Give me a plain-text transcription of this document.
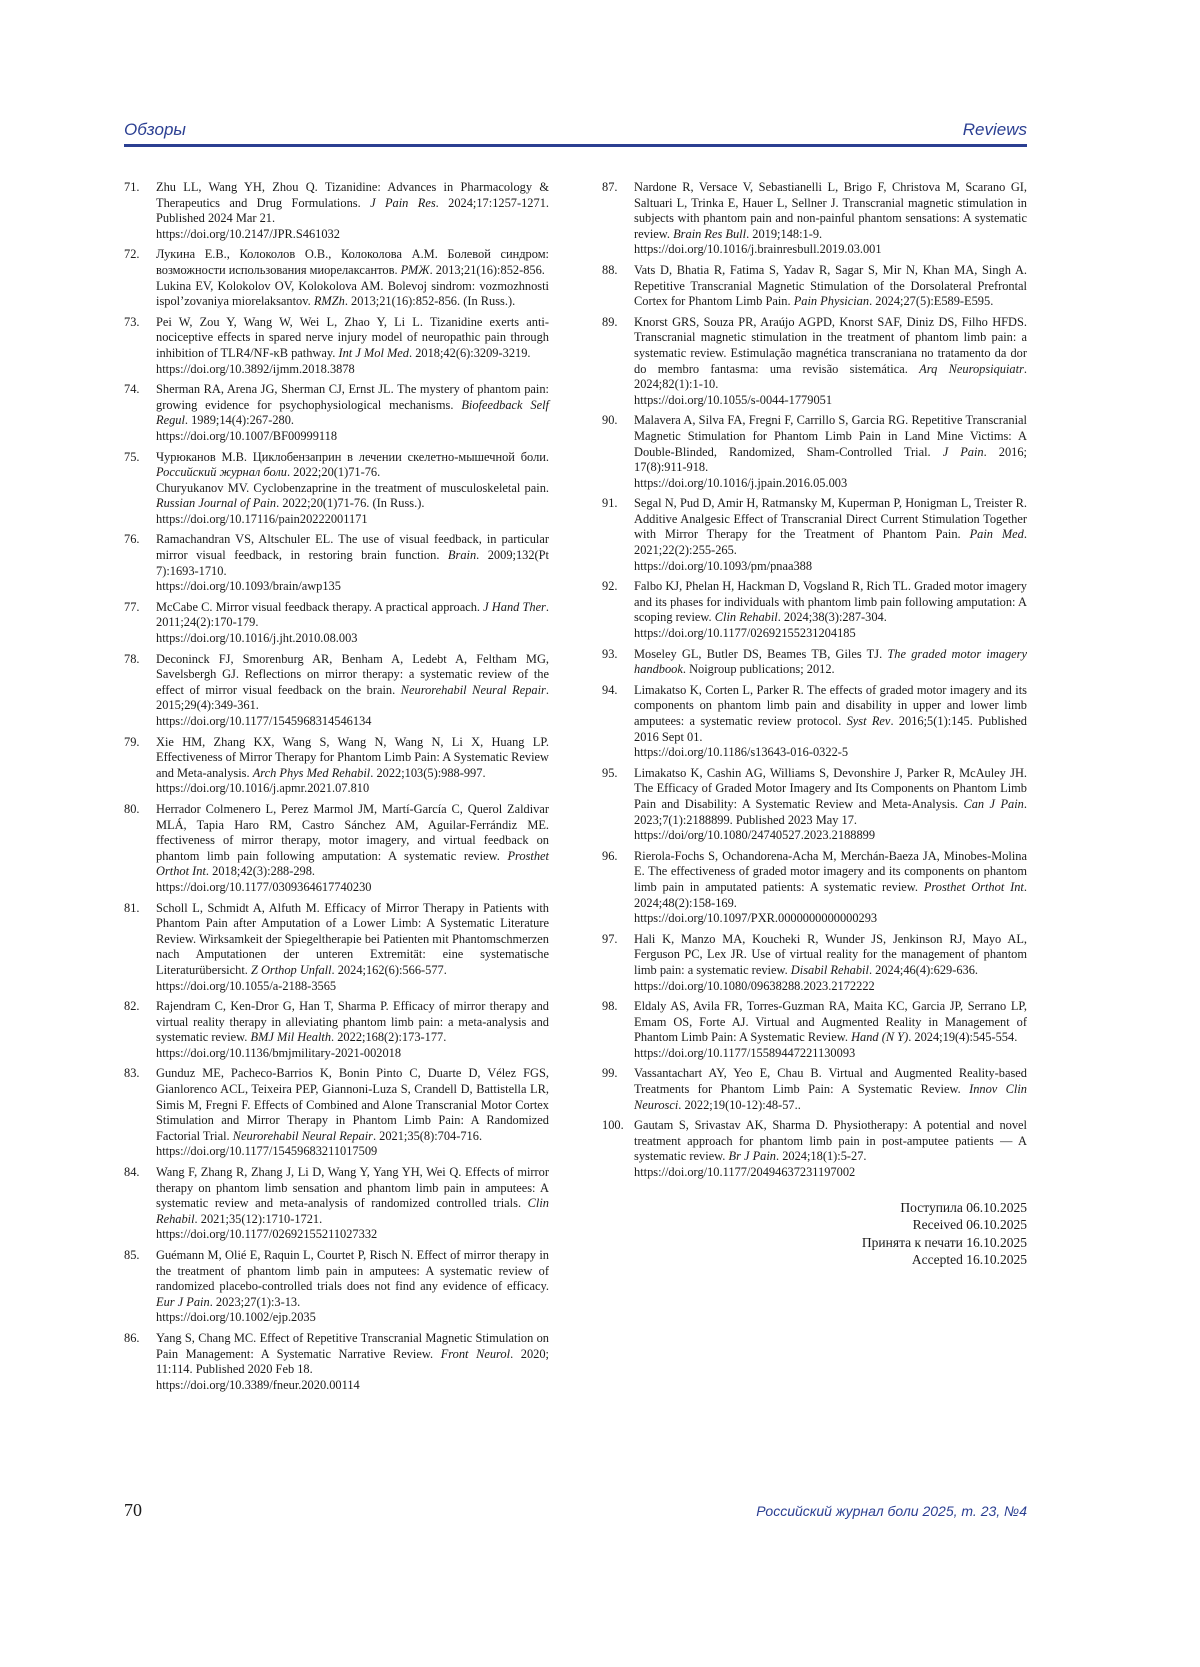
Обзоры	Reviews
71.	Zhu LL, Wang YH, Zhou Q. Tizanidine: Advances in Pharmacology & Therapeutics and Drug Formulations. J Pain Res. 2024;17:1257-1271. Published 2024 Mar 21.
https://doi.org/10.2147/JPR.S461032
72.	Лукина Е.В., Колоколов О.В., Колоколова А.М. Болевой синдром: возможности использования миорелаксантов. РМЖ. 2013;21(16):852-856.
Lukina EV, Kolokolov OV, Kolokolova AM. Bolevoj sindrom: vozmozhnosti ispol’zovaniya miorelaksantov. RMZh. 2013;21(16):852-856. (In Russ.).
73.	Pei W, Zou Y, Wang W, Wei L, Zhao Y, Li L. Tizanidine exerts anti-nociceptive effects in spared nerve injury model of neuropathic pain through inhibition of TLR4/NF-κB pathway. Int J Mol Med. 2018;42(6):3209-3219.
https://doi.org/10.3892/ijmm.2018.3878
74.	Sherman RA, Arena JG, Sherman CJ, Ernst JL. The mystery of phantom pain: growing evidence for psychophysiological mechanisms. Biofeedback Self Regul. 1989;14(4):267-280.
https://doi.org/10.1007/BF00999118
75.	Чурюканов М.В. Циклобензаприн в лечении скелетно-мышечной боли. Российский журнал боли. 2022;20(1)71-76.
Churyukanov MV. Cyclobenzaprine in the treatment of musculoskeletal pain. Russian Journal of Pain. 2022;20(1)71-76. (In Russ.).
https://doi.org/10.17116/pain20222001171
76.	Ramachandran VS, Altschuler EL. The use of visual feedback, in particular mirror visual feedback, in restoring brain function. Brain. 2009;132(Pt 7):1693-1710.
https://doi.org/10.1093/brain/awp135
77.	McCabe C. Mirror visual feedback therapy. A practical approach. J Hand Ther. 2011;24(2):170-179.
https://doi.org/10.1016/j.jht.2010.08.003
78.	Deconinck FJ, Smorenburg AR, Benham A, Ledebt A, Feltham MG, Savelsbergh GJ. Reflections on mirror therapy: a systematic review of the effect of mirror visual feedback on the brain. Neurorehabil Neural Repair. 2015;29(4):349-361.
https://doi.org/10.1177/1545968314546134
79.	Xie HM, Zhang KX, Wang S, Wang N, Wang N, Li X, Huang LP. Effectiveness of Mirror Therapy for Phantom Limb Pain: A Systematic Review and Meta-analysis. Arch Phys Med Rehabil. 2022;103(5):988-997.
https://doi.org/10.1016/j.apmr.2021.07.810
80.	Herrador Colmenero L, Perez Marmol JM, Martí-García C, Querol Zaldivar MLÁ, Tapia Haro RM, Castro Sánchez AM, Aguilar-Ferrándiz ME. ffectiveness of mirror therapy, motor imagery, and virtual feedback on phantom limb pain following amputation: A systematic review. Prosthet Orthot Int. 2018;42(3):288-298.
https://doi.org/10.1177/0309364617740230
81.	Scholl L, Schmidt A, Alfuth M. Efficacy of Mirror Therapy in Patients with Phantom Pain after Amputation of a Lower Limb: A Systematic Literature Review. Wirksamkeit der Spiegeltherapie bei Patienten mit Phantomschmerzen nach Amputationen der unteren Extremität: eine systematische Literaturübersicht. Z Orthop Unfall. 2024;162(6):566-577.
https://doi.org/10.1055/a-2188-3565
82.	Rajendram C, Ken-Dror G, Han T, Sharma P. Efficacy of mirror therapy and virtual reality therapy in alleviating phantom limb pain: a meta-analysis and systematic review. BMJ Mil Health. 2022;168(2):173-177.
https://doi.org/10.1136/bmjmilitary-2021-002018
83.	Gunduz ME, Pacheco-Barrios K, Bonin Pinto C, Duarte D, Vélez FGS, Gianlorenco ACL, Teixeira PEP, Giannoni-Luza S, Crandell D, Battistella LR, Simis M, Fregni F. Effects of Combined and Alone Transcranial Motor Cortex Stimulation and Mirror Therapy in Phantom Limb Pain: A Randomized Factorial Trial. Neurorehabil Neural Repair. 2021;35(8):704-716.
https://doi.org/10.1177/15459683211017509
84.	Wang F, Zhang R, Zhang J, Li D, Wang Y, Yang YH, Wei Q. Effects of mirror therapy on phantom limb sensation and phantom limb pain in amputees: A systematic review and meta-analysis of randomized controlled trials. Clin Rehabil. 2021;35(12):1710-1721.
https://doi.org/10.1177/02692155211027332
85.	Guémann M, Olié E, Raquin L, Courtet P, Risch N. Effect of mirror therapy in the treatment of phantom limb pain in amputees: A systematic review of randomized placebo-controlled trials does not find any evidence of efficacy. Eur J Pain. 2023;27(1):3-13.
https://doi.org/10.1002/ejp.2035
86.	Yang S, Chang MC. Effect of Repetitive Transcranial Magnetic Stimulation on Pain Management: A Systematic Narrative Review. Front Neurol. 2020; 11:114. Published 2020 Feb 18.
https://doi.org/10.3389/fneur.2020.00114
87.	Nardone R, Versace V, Sebastianelli L, Brigo F, Christova M, Scarano GI, Saltuari L, Trinka E, Hauer L, Sellner J. Transcranial magnetic stimulation in subjects with phantom pain and non-painful phantom sensations: A systematic review. Brain Res Bull. 2019;148:1-9.
https://doi.org/10.1016/j.brainresbull.2019.03.001
88.	Vats D, Bhatia R, Fatima S, Yadav R, Sagar S, Mir N, Khan MA, Singh A. Repetitive Transcranial Magnetic Stimulation of the Dorsolateral Prefrontal Cortex for Phantom Limb Pain. Pain Physician. 2024;27(5):E589-E595.
89.	Knorst GRS, Souza PR, Araújo AGPD, Knorst SAF, Diniz DS, Filho HFDS. Transcranial magnetic stimulation in the treatment of phantom limb pain: a systematic review. Estimulação magnética transcraniana no tratamento da dor do membro fantasma: uma revisão sistemática. Arq Neuropsiquiatr. 2024;82(1):1-10.
https://doi.org/10.1055/s-0044-1779051
90.	Malavera A, Silva FA, Fregni F, Carrillo S, Garcia RG. Repetitive Transcranial Magnetic Stimulation for Phantom Limb Pain in Land Mine Victims: A Double-Blinded, Randomized, Sham-Controlled Trial. J Pain. 2016; 17(8):911-918.
https://doi.org/10.1016/j.jpain.2016.05.003
91.	Segal N, Pud D, Amir H, Ratmansky M, Kuperman P, Honigman L, Treister R. Additive Analgesic Effect of Transcranial Direct Current Stimulation Together with Mirror Therapy for the Treatment of Phantom Pain. Pain Med. 2021;22(2):255-265.
https://doi.org/10.1093/pm/pnaa388
92.	Falbo KJ, Phelan H, Hackman D, Vogsland R, Rich TL. Graded motor imagery and its phases for individuals with phantom limb pain following amputation: A scoping review. Clin Rehabil. 2024;38(3):287-304.
https://doi.org/10.1177/02692155231204185
93.	Moseley GL, Butler DS, Beames TB, Giles TJ. The graded motor imagery handbook. Noigroup publications; 2012.
94.	Limakatso K, Corten L, Parker R. The effects of graded motor imagery and its components on phantom limb pain and disability in upper and lower limb amputees: a systematic review protocol. Syst Rev. 2016;5(1):145. Published 2016 Sept 01.
https://doi.org/10.1186/s13643-016-0322-5
95.	Limakatso K, Cashin AG, Williams S, Devonshire J, Parker R, McAuley JH. The Efficacy of Graded Motor Imagery and Its Components on Phantom Limb Pain and Disability: A Systematic Review and Meta-Analysis. Can J Pain. 2023;7(1):2188899. Published 2023 May 17.
https://doi/org/10.1080/24740527.2023.2188899
96.	Rierola-Fochs S, Ochandorena-Acha M, Merchán-Baeza JA, Minobes-Molina E. The effectiveness of graded motor imagery and its components on phantom limb pain in amputated patients: A systematic review. Prosthet Orthot Int. 2024;48(2):158-169.
https://doi.org/10.1097/PXR.0000000000000293
97.	Hali K, Manzo MA, Koucheki R, Wunder JS, Jenkinson RJ, Mayo AL, Ferguson PC, Lex JR. Use of virtual reality for the management of phantom limb pain: a systematic review. Disabil Rehabil. 2024;46(4):629-636.
https://doi.org/10.1080/09638288.2023.2172222
98.	Eldaly AS, Avila FR, Torres-Guzman RA, Maita KC, Garcia JP, Serrano LP, Emam OS, Forte AJ. Virtual and Augmented Reality in Management of Phantom Limb Pain: A Systematic Review. Hand (N Y). 2024;19(4):545-554.
https://doi.org/10.1177/15589447221130093
99.	Vassantachart AY, Yeo E, Chau B. Virtual and Augmented Reality-based Treatments for Phantom Limb Pain: A Systematic Review. Innov Clin Neurosci. 2022;19(10-12):48-57..
100. Gautam S, Srivastav AK, Sharma D. Physiotherapy: A potential and novel treatment approach for phantom limb pain in post-amputee patients — A systematic review. Br J Pain. 2024;18(1):5-27.
https://doi.org/10.1177/20494637231197002
Поступила 06.10.2025
Received 06.10.2025
Принята к печати 16.10.2025
Accepted 16.10.2025
70	Российский журнал боли 2025, т. 23, №4
